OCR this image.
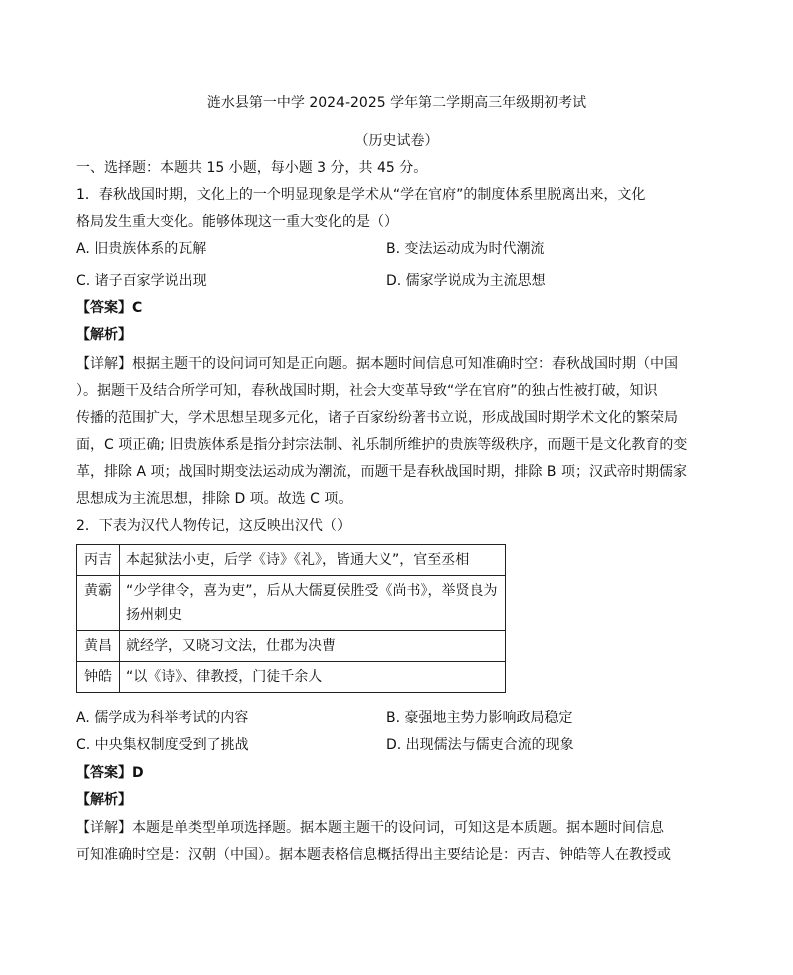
涟水县第一中学 2024-2025 学年第二学期高三年级期初考试
（历史试卷）
一、选择题：本题共 15 小题，每小题 3 分，共 45 分。
1．春秋战国时期，文化上的一个明显现象是学术从“学在官府”的制度体系里脱离出来，文化
格局发生重大变化。能够体现这一重大变化的是（）
A. 旧贵族体系的瓦解	B. 变法运动成为时代潮流
C. 诸子百家学说出现	D. 儒家学说成为主流思想
【答案】C
【解析】
【详解】根据主题干的设问词可知是正向题。据本题时间信息可知准确时空：春秋战国时期（中国
）。据题干及结合所学可知，春秋战国时期，社会大变革导致“学在官府”的独占性被打破，知识
传播的范围扩大，学术思想呈现多元化，诸子百家纷纷著书立说，形成战国时期学术文化的繁荣局
面，C 项正确; 旧贵族体系是指分封宗法制、礼乐制所维护的贵族等级秩序，而题干是文化教育的变
革，排除 A 项；战国时期变法运动成为潮流，而题干是春秋战国时期，排除 B 项；汉武帝时期儒家
思想成为主流思想，排除 D 项。故选 C 项。
2．下表为汉代人物传记，这反映出汉代（）
丙吉	本起狱法小吏，后学《诗》《礼》，皆通大义”，官至丞相
黄霸	“少学律令，喜为吏”，后从大儒夏侯胜受《尚书》，举贤良为扬州刺史
黄昌	就经学，又晓习文法，仕郡为决曹
钟皓	“以《诗》、律教授，门徒千余人
A. 儒学成为科举考试的内容	B. 豪强地主势力影响政局稳定
C. 中央集权制度受到了挑战	D. 出现儒法与儒吏合流的现象
【答案】D
【解析】
【详解】本题是单类型单项选择题。据本题主题干的设问词，可知这是本质题。据本题时间信息
可知准确时空是：汉朝（中国）。据本题表格信息概括得出主要结论是：丙吉、钟皓等人在教授或
